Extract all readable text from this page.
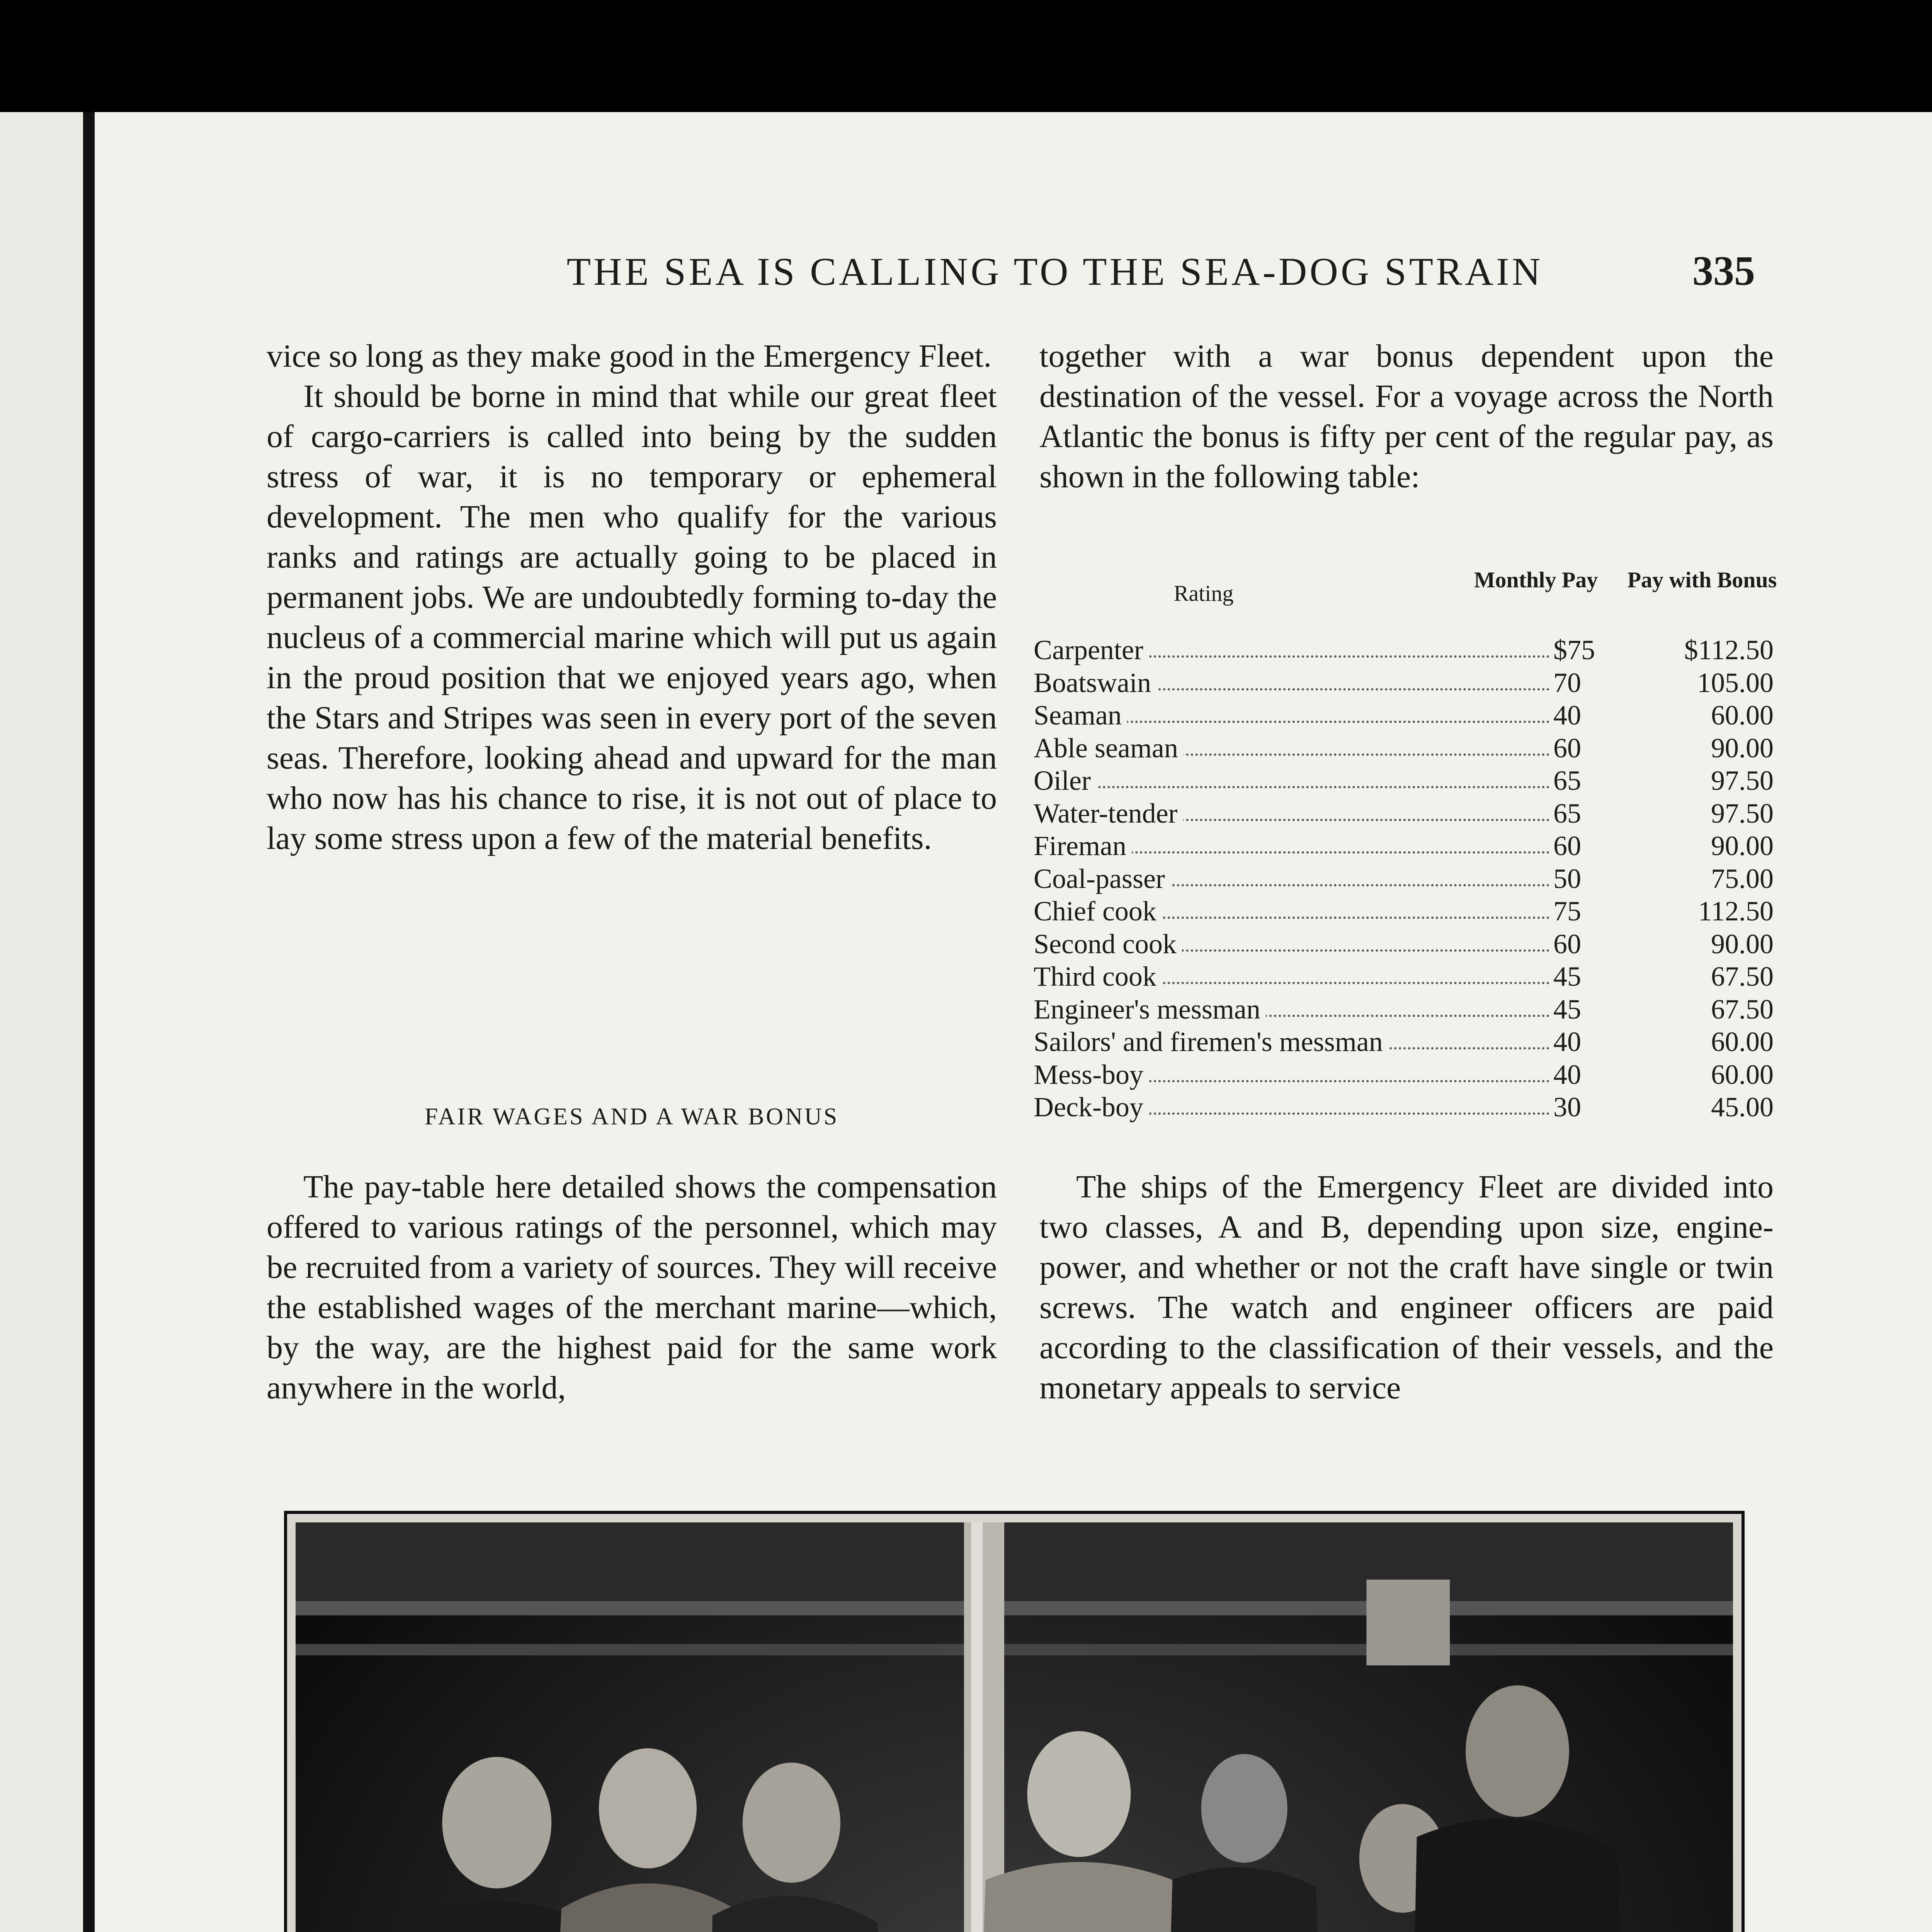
THE SEA IS CALLING TO THE SEA-DOG STRAIN	335

vice so long as they make good in the Emergency Fleet.

It should be borne in mind that while our great fleet of cargo-carriers is called into being by the sudden stress of war, it is no temporary or ephemeral development. The men who qualify for the various ranks and ratings are actually going to be placed in permanent jobs. We are undoubtedly forming to-day the nucleus of a commercial marine which will put us again in the proud position that we enjoyed years ago, when the Stars and Stripes was seen in every port of the seven seas. Therefore, looking ahead and upward for the man who now has his chance to rise, it is not out of place to lay some stress upon a few of the material benefits.

FAIR WAGES AND A WAR BONUS

The pay-table here detailed shows the compensation offered to various ratings of the personnel, which may be recruited from a variety of sources. They will receive the established wages of the merchant marine—which, by the way, are the highest paid for the same work anywhere in the world,

together with a war bonus dependent upon the destination of the vessel. For a voyage across the North Atlantic the bonus is fifty per cent of the regular pay, as shown in the following table:

Rating
Monthly Pay	Pay with Bonus
Carpenter	$75	$112.50
Boatswain	70	105.00
Seaman	40	60.00
Able seaman	60	90.00
Oiler	65	97.50
Water-tender	65	97.50
Fireman	60	90.00
Coal-passer	50	75.00
Chief cook	75	112.50
Second cook	60	90.00
Third cook	45	67.50
Engineer's messman	45	67.50
Sailors' and firemen's messman	40	60.00
Mess-boy	40	60.00
Deck-boy	30	45.00

The ships of the Emergency Fleet are divided into two classes, A and B, depending upon size, engine-power, and whether or not the craft have single or twin screws. The watch and engineer officers are paid according to the classification of their vessels, and the monetary appeals to service
